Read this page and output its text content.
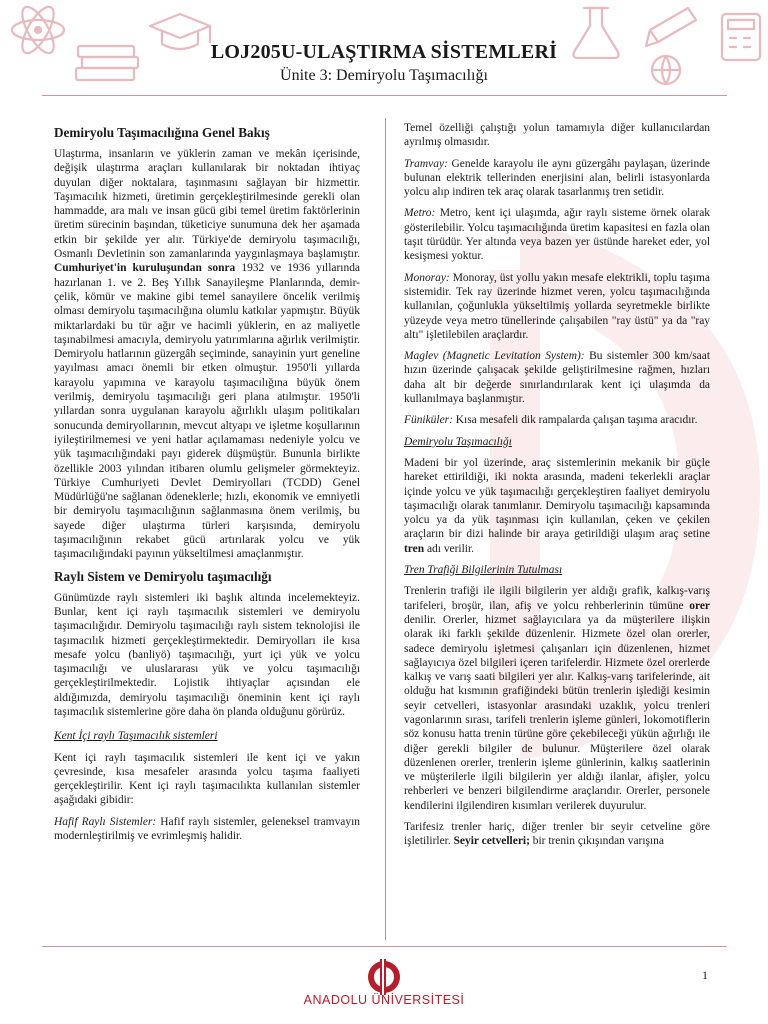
LOJ205U-ULAŞTIRMA SİSTEMLERİ
Ünite 3: Demiryolu Taşımacılığı
Demiryolu Taşımacılığına Genel Bakış

Ulaştırma, insanların ve yüklerin zaman ve mekân içerisinde, değişik ulaştırma araçları kullanılarak bir noktadan ihtiyaç duyulan diğer noktalara, taşınmasını sağlayan bir hizmettir. Taşımacılık hizmeti, üretimin gerçekleştirilmesinde gerekli olan hammadde, ara malı ve insan gücü gibi temel üretim faktörlerinin üretim sürecinin başından, tüketiciye sunumuna dek her aşamada etkin bir şekilde yer alır. Türkiye'de demiryolu taşımacılığı, Osmanlı Devletinin son zamanlarında yaygınlaşmaya başlamıştır. Cumhuriyet'in kuruluşundan sonra 1932 ve 1936 yıllarında hazırlanan 1. ve 2. Beş Yıllık Sanayileşme Planlarında, demir-çelik, kömür ve makine gibi temel sanayilere öncelik verilmiş olması demiryolu taşımacılığına olumlu katkılar yapmıştır. Büyük miktarlardaki bu tür ağır ve hacimli yüklerin, en az maliyetle taşınabilmesi amacıyla, demiryolu yatırımlarına ağırlık verilmiştir. Demiryolu hatlarının güzergâh seçiminde, sanayinin yurt geneline yayılması amacı önemli bir etken olmuştur. 1950'li yıllarda karayolu yapımına ve karayolu taşımacılığına büyük önem verilmiş, demiryolu taşımacılığı geri plana atılmıştır. 1950'li yıllardan sonra uygulanan karayolu ağırlıklı ulaşım politikaları sonucunda demiryollarının, mevcut altyapı ve işletme koşullarının iyileştirilmemesi ve yeni hatlar açılamaması nedeniyle yolcu ve yük taşımacılığındaki payı giderek düşmüştür. Bununla birlikte özellikle 2003 yılından itibaren olumlu gelişmeler görmekteyiz. Türkiye Cumhuriyeti Devlet Demiryolları (TCDD) Genel Müdürlüğü'ne sağlanan ödeneklerle; hızlı, ekonomik ve emniyetli bir demiryolu taşımacılığının sağlanmasına önem verilmiş, bu sayede diğer ulaştırma türleri karşısında, demiryolu taşımacılığının rekabet gücü artırılarak yolcu ve yük taşımacılığındaki payının yükseltilmesi amaçlanmıştır.

Raylı Sistem ve Demiryolu taşımacılığı

Günümüzde raylı sistemleri iki başlık altında incelemekteyiz. Bunlar, kent içi raylı taşımacılık sistemleri ve demiryolu taşımacılığıdır. Demiryolu taşımacılığı raylı sistem teknolojisi ile taşımacılık hizmeti gerçekleştirmektedir. Demiryolları ile kısa mesafe yolcu (banliyö) taşımacılığı, yurt içi yük ve yolcu taşımacılığı ve uluslararası yük ve yolcu taşımacılığı gerçekleştirilmektedir. Lojistik ihtiyaçlar açısından ele aldığımızda, demiryolu taşımacılığı öneminin kent içi raylı taşımacılık sistemlerine göre daha ön planda olduğunu görürüz.

Kent İçi raylı Taşımacılık sistemleri

Kent içi raylı taşımacılık sistemleri ile kent içi ve yakın çevresinde, kısa mesafeler arasında yolcu taşıma faaliyeti gerçekleştirilir. Kent içi raylı taşımacılıkta kullanılan sistemler aşağıdaki gibidir:

Hafif Raylı Sistemler: Hafif raylı sistemler, geleneksel tramvayın modernleştirilmiş ve evrimleşmiş halidir.

Temel özelliği çalıştığı yolun tamamıyla diğer kullanıcılardan ayrılmış olmasıdır.

Tramvay: Genelde karayolu ile aynı güzergâhı paylaşan, üzerinde bulunan elektrik tellerinden enerjisini alan, belirli istasyonlarda yolcu alıp indiren tek araç olarak tasarlanmış tren setidir.

Metro: Metro, kent içi ulaşımda, ağır raylı sisteme örnek olarak gösterilebilir. Yolcu taşımacılığında üretim kapasitesi en fazla olan taşıt türüdür. Yer altında veya bazen yer üstünde hareket eder, yol kesişmesi yoktur.

Monoray: Monoray, üst yollu yakın mesafe elektrikli, toplu taşıma sistemidir. Tek ray üzerinde hizmet veren, yolcu taşımacılığında kullanılan, çoğunlukla yükseltilmiş yollarda seyretmekle birlikte yüzeyde veya metro tünellerinde çalışabilen "ray üstü" ya da "ray altı" işletilebilen araçlardır.

Maglev (Magnetic Levitation System): Bu sistemler 300 km/saat hızın üzerinde çalışacak şekilde geliştirilmesine rağmen, hızları daha alt bir değerde sınırlandırılarak kent içi ulaşımda da kullanılmaya başlanmıştır.

Füniküler: Kısa mesafeli dik rampalarda çalışan taşıma aracıdır.

Demiryolu Taşımacılığı

Madeni bir yol üzerinde, araç sistemlerinin mekanik bir güçle hareket ettirildiği, iki nokta arasında, madeni tekerlekli araçlar içinde yolcu ve yük taşımacılığı gerçekleştiren faaliyet demiryolu taşımacılığı olarak tanımlanır. Demiryolu taşımacılığı kapsamında yolcu ya da yük taşınması için kullanılan, çeken ve çekilen araçların bir dizi halinde bir araya getirildiği ulaşım araç setine tren adı verilir.

Tren Trafiği Bilgilerinin Tutulması

Trenlerin trafiği ile ilgili bilgilerin yer aldığı grafik, kalkış-varış tarifeleri, broşür, ilan, afiş ve yolcu rehberlerinin tümüne orer denilir. Orerler, hizmet sağlayıcılara ya da müşterilere ilişkin olarak iki farklı şekilde düzenlenir. Hizmete özel olan orerler, sadece demiryolu işletmesi çalışanları için düzenlenen, hizmet sağlayıcıya özel bilgileri içeren tarifelerdir. Hizmete özel orerlerde kalkış ve varış saati bilgileri yer alır. Kalkış-varış tarifelerinde, ait olduğu hat kısmının grafiğindeki bütün trenlerin işlediği kesimin seyir cetvelleri, istasyonlar arasındaki uzaklık, yolcu trenleri vagonlarının sırası, tarifeli trenlerin işleme günleri, lokomotiflerin söz konusu hatta trenin türüne göre çekebileceği yükün ağırlığı ile diğer gerekli bilgiler de bulunur. Müşterilere özel olarak düzenlenen orerler, trenlerin işleme günlerinin, kalkış saatlerinin ve müşterilerle ilgili bilgilerin yer aldığı ilanlar, afişler, yolcu rehberleri ve benzeri bilgilendirme araçlarıdır. Orerler, personele kendilerini ilgilendiren kısımları verilerek duyurulur.

Tarifesiz trenler hariç, diğer trenler bir seyir cetveline göre işletilirler. Seyir cetvelleri; bir trenin çıkışından varışına

1
ANADOLU ÜNİVERSİTESİ
